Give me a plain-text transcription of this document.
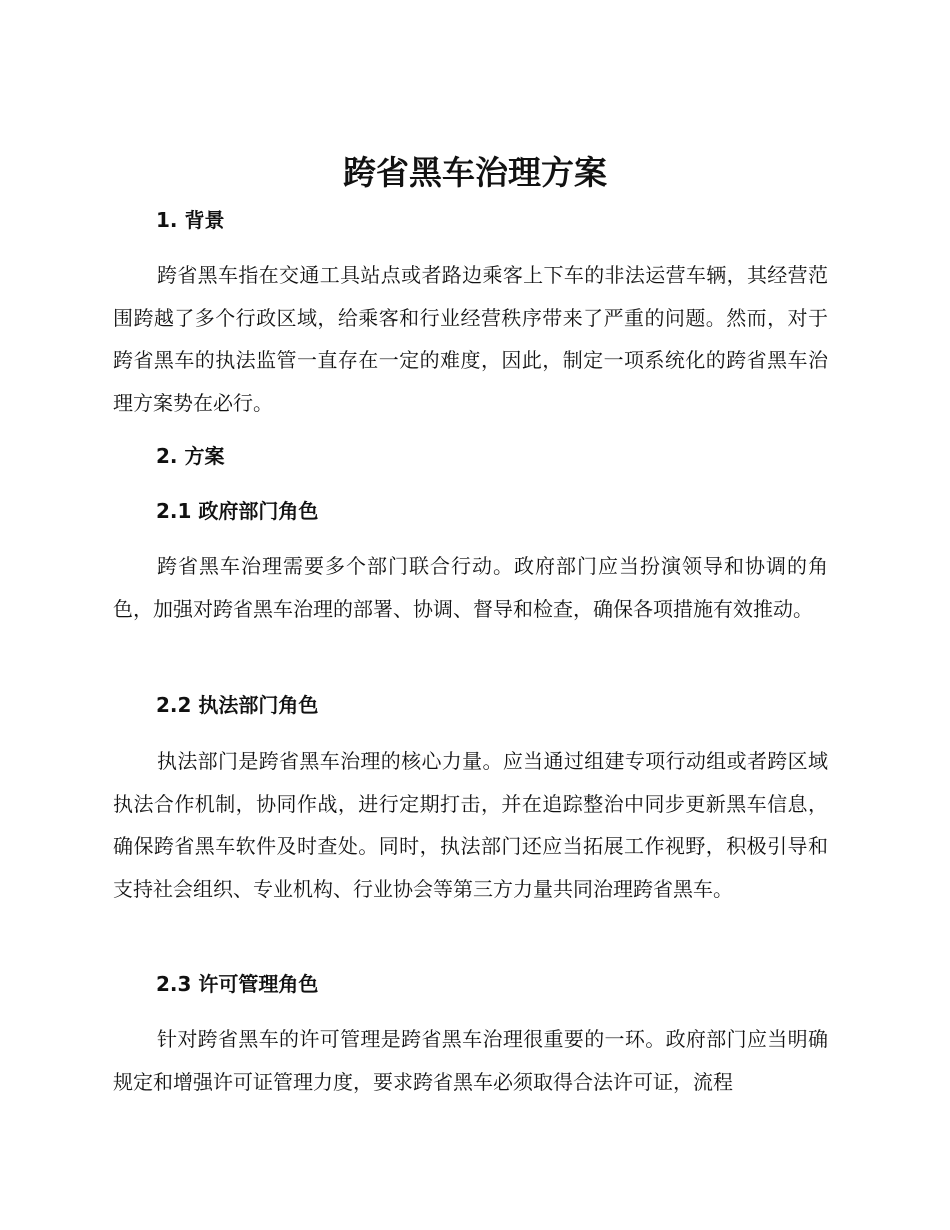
跨省黑车治理方案
1. 背景

跨省黑车指在交通工具站点或者路边乘客上下车的非法运营车辆，其经营范围跨越了多个行政区域，给乘客和行业经营秩序带来了严重的问题。然而，对于跨省黑车的执法监管一直存在一定的难度，因此，制定一项系统化的跨省黑车治理方案势在必行。

2. 方案
2.1 政府部门角色

跨省黑车治理需要多个部门联合行动。政府部门应当扮演领导和协调的角色，加强对跨省黑车治理的部署、协调、督导和检查，确保各项措施有效推动。

2.2 执法部门角色

执法部门是跨省黑车治理的核心力量。应当通过组建专项行动组或者跨区域执法合作机制，协同作战，进行定期打击，并在追踪整治中同步更新黑车信息，确保跨省黑车软件及时查处。同时，执法部门还应当拓展工作视野，积极引导和支持社会组织、专业机构、行业协会等第三方力量共同治理跨省黑车。

2.3 许可管理角色

针对跨省黑车的许可管理是跨省黑车治理很重要的一环。政府部门应当明确规定和增强许可证管理力度，要求跨省黑车必须取得合法许可证，流程
